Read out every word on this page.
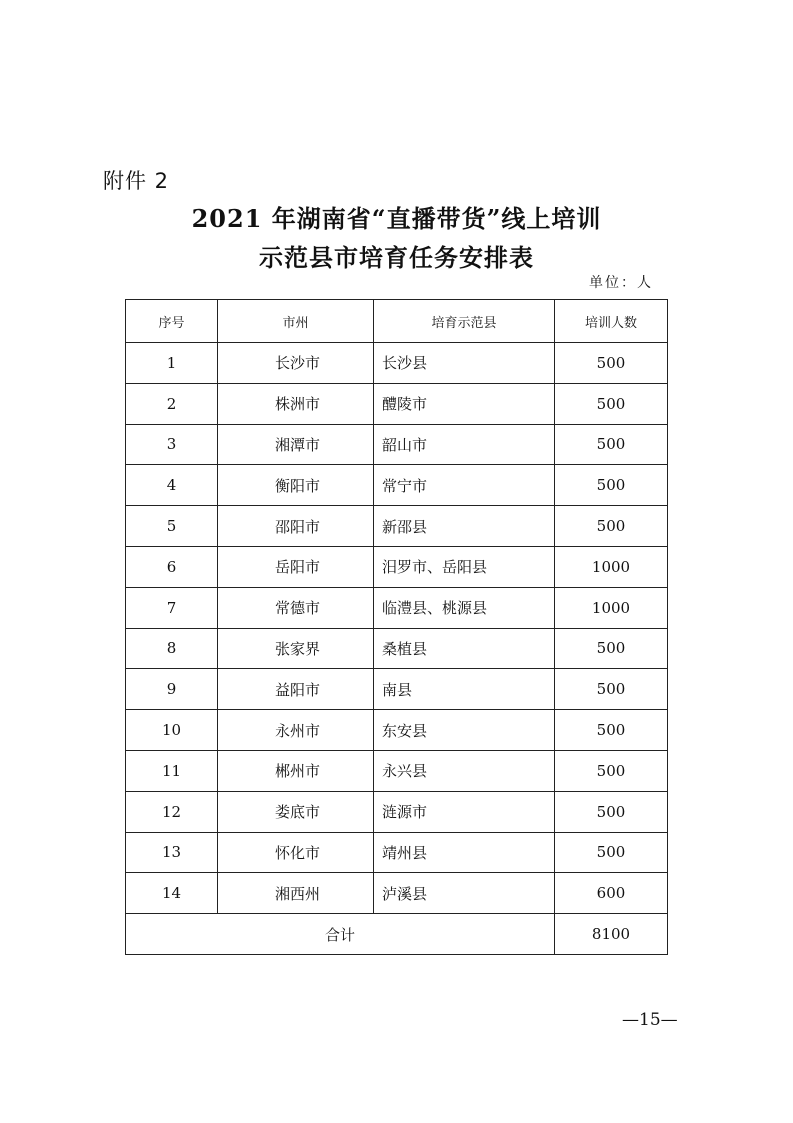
附件 2
2021 年湖南省“直播带货”线上培训
示范县市培育任务安排表
单位：人
序号	市州	培育示范县	培训人数
1	长沙市	长沙县	500
2	株洲市	醴陵市	500
3	湘潭市	韶山市	500
4	衡阳市	常宁市	500
5	邵阳市	新邵县	500
6	岳阳市	汨罗市、岳阳县	1000
7	常德市	临澧县、桃源县	1000
8	张家界	桑植县	500
9	益阳市	南县	500
10	永州市	东安县	500
11	郴州市	永兴县	500
12	娄底市	涟源市	500
13	怀化市	靖州县	500
14	湘西州	泸溪县	600
合计			8100
—15—
